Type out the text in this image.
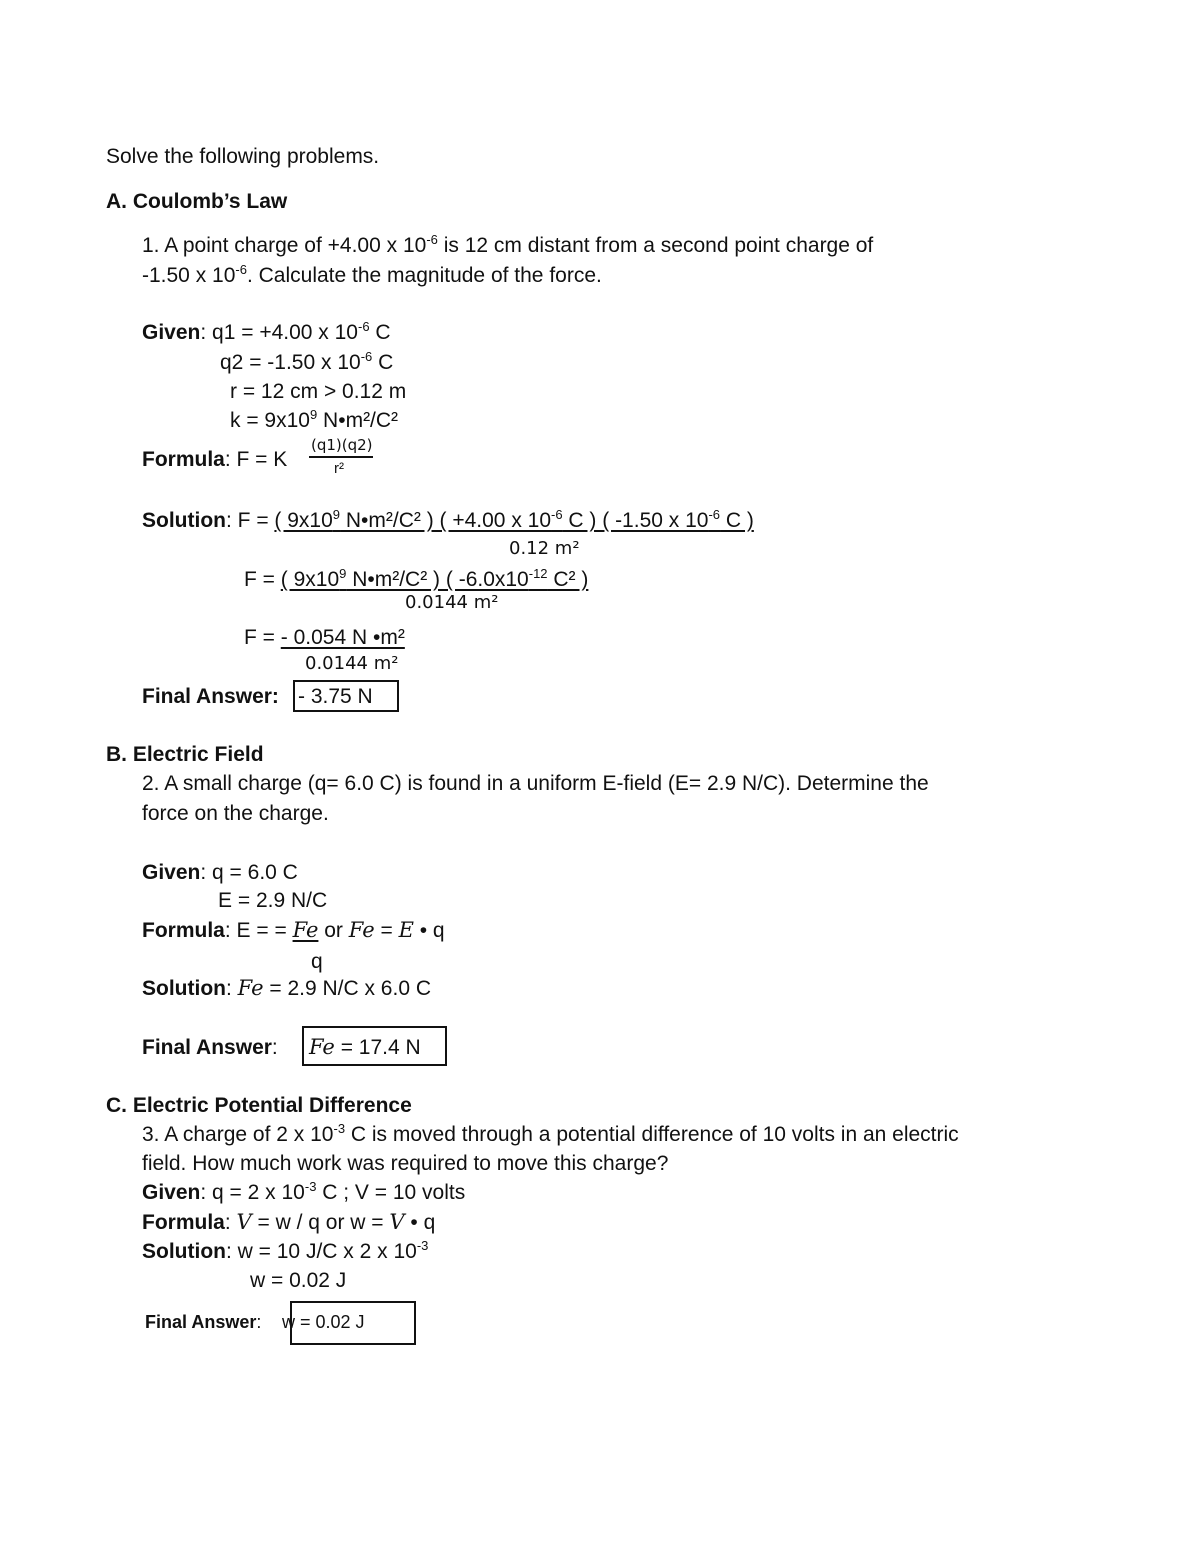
Solve the following problems.
A. Coulomb’s Law
1. A point charge of +4.00 x $10^{-6}$ is 12 cm distant from a second point charge of
-1.50 x $10^{-6}$. Calculate the magnitude of the force.
Given: q1 = +4.00 x $10^{-6}$ C
q2 = -1.50 x $10^{-6}$ C
r = 12 cm > 0.12 m
$k = 9x10^9$ N•m²/C²
Formula: F = K
(q1)(q2)
r²
Solution: F = ( $9x10^9$ N•m²/C² ) ( +4.00 x $10^{-6}$ C ) ( -1.50 x $10^{-6}$ C )
0.12 m²
F = ( $9x10^9$ N•m²/C² ) ( $-6.0x10^{-12}$ C² )
0.0144 m²
F = - 0.054 N •m²
0.0144 m²
Final Answer: - 3.75 N
B. Electric Field
2. A small charge (q= 6.0 C) is found in a uniform E-field (E= 2.9 N/C). Determine the
force on the charge.
Given: q = 6.0 C
E = 2.9 N/C
Formula: E = = Fe or Fe = E • q
q
Solution: Fe = 2.9 N/C x 6.0 C
Final Answer: Fe = 17.4 N
C. Electric Potential Difference
3. A charge of 2 x $10^{-3}$ C is moved through a potential difference of 10 volts in an electric
field. How much work was required to move this charge?
Given: q = 2 x $10^{-3}$ C ; V = 10 volts
Formula: V = w / q or w = V • q
Solution: w = 10 J/C x 2 x $10^{-3}$
w = 0.02 J
Final Answer: w = 0.02 J
